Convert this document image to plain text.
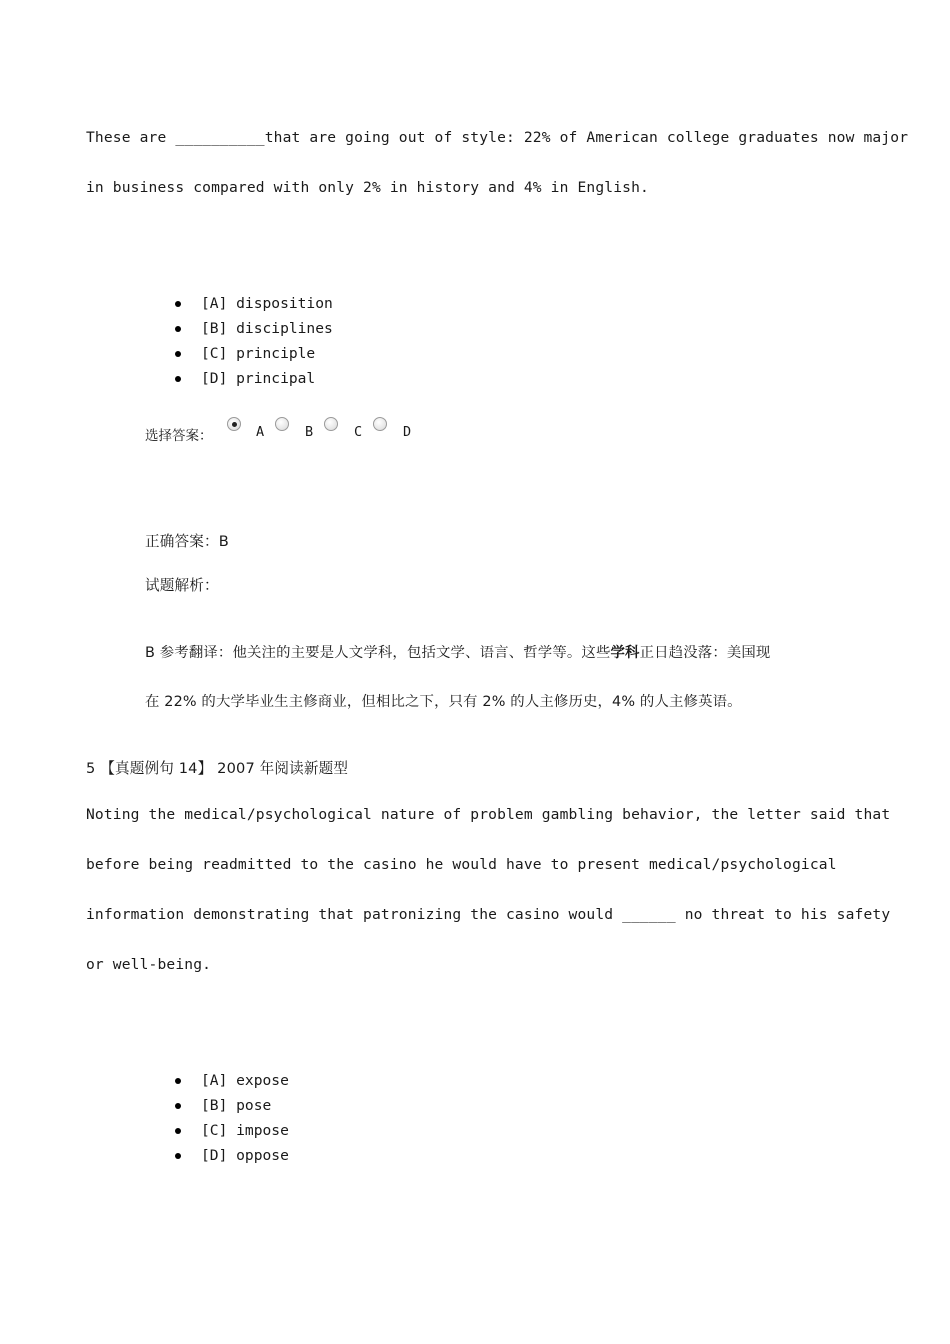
These are __________that are going out of style: 22% of American college graduates now major
in business compared with only 2% in history and 4% in English.
[A] disposition
[B] disciplines
[C] principle
[D] principal
选择答案：	A	B	C	D
正确答案：B
试题解析：
B 参考翻译：他关注的主要是人文学科，包括文学、语言、哲学等。这些学科正日趋没落：美国现
在 22% 的大学毕业生主修商业，但相比之下，只有 2% 的人主修历史，4% 的人主修英语。
5 【真题例句 14】 2007 年阅读新题型
Noting the medical/psychological nature of problem gambling behavior, the letter said that
before being readmitted to the casino he would have to present medical/psychological
information demonstrating that patronizing the casino would ______ no threat to his safety
or well-being.
[A] expose
[B] pose
[C] impose
[D] oppose
